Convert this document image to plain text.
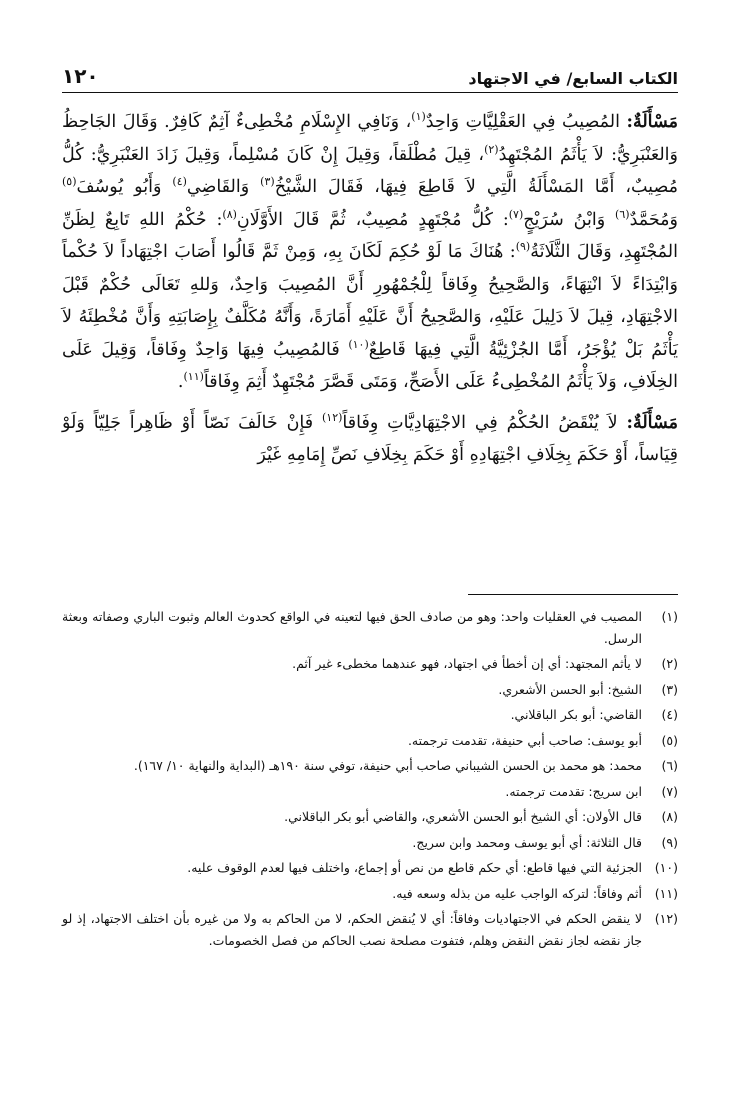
الكتاب السابع/ في الاجتهاد
١٢٠

مَسْأَلَةٌ: المُصِيبُ فِي العَقْلِيَّاتِ وَاحِدٌ$^{(١)}$، وَنَافِي الإِسْلَامِ مُخْطِىءٌ آثِمٌ كَافِرٌ. وَقَالَ الجَاحِظُ وَالعَنْبَرِيُّ: لاَ يَأْثَمُ المُجْتَهِدُ$^{(٢)}$، قِيلَ مُطْلَقاً، وَقِيلَ إِنْ كَانَ مُسْلِماً، وَقِيلَ زَادَ العَنْبَرِيُّ: كُلُّ مُصِيبٌ، أَمَّا المَسْأَلَةُ الَّتِي لاَ قَاطِعَ فِيهَا، فَقَالَ الشَّيْخُ$^{(٣)}$ وَالقَاضِي$^{(٤)}$ وَأَبُو يُوسُفَ$^{(٥)}$ وَمُحَمَّدٌ$^{(٦)}$ وَابْنُ سُرَيْجٍ$^{(٧)}$: كُلُّ مُجْتَهِدٍ مُصِيبٌ، ثُمَّ قَالَ الأَوَّلَانِ$^{(٨)}$: حُكْمُ اللهِ تَابِعٌ لِظَنِّ المُجْتَهِدِ، وَقَالَ الثَّلَاثَةُ$^{(٩)}$: هُنَاكَ مَا لَوْ حُكِمَ لَكَانَ بِهِ، وَمِنْ ثَمَّ قَالُوا أَصَابَ اجْتِهَاداً لاَ حُكْماً وَابْتِدَاءً لاَ انْتِهَاءً، وَالصَّحِيحُ وِفَاقاً لِلْجُمْهُورِ أَنَّ المُصِيبَ وَاحِدٌ، وَللهِ تَعَالَى حُكْمٌ قَبْلَ الاجْتِهَادِ، قِيلَ لاَ دَلِيلَ عَلَيْهِ، وَالصَّحِيحُ أَنَّ عَلَيْهِ أَمَارَةً، وَأَنَّهُ مُكَلَّفٌ بِإِصَابَتِهِ وَأَنَّ مُخْطِئَهُ لاَ يَأْثَمُ بَلْ يُؤْجَرُ، أَمَّا الجُزْئِيَّةُ الَّتِي فِيهَا قَاطِعٌ$^{(١٠)}$ فَالمُصِيبُ فِيهَا وَاحِدٌ وِفَاقاً، وَقِيلَ عَلَى الخِلَافِ، وَلاَ يَأْثَمُ المُخْطِىءُ عَلَى الأَصَحِّ، وَمَتَى قَصَّرَ مُجْتَهِدٌ أَثِمَ وِفَاقاً$^{(١١)}$.

مَسْأَلَةٌ: لاَ يُنْقَضُ الحُكْمُ فِي الاجْتِهَادِيَّاتِ وِفَاقاً$^{(١٢)}$ فَإِنْ خَالَفَ نَصّاً أَوْ ظَاهِراً جَلِيّاً وَلَوْ قِيَاساً، أَوْ حَكَمَ بِخِلَافِ اجْتِهَادِهِ أَوْ حَكَمَ بِخِلَافِ نَصِّ إِمَامِهِ غَيْرَ

(١)
المصيب في العقليات واحد: وهو من صادف الحق فيها لتعينه في الواقع كحدوث العالم وثبوت الباري وصفاته وبعثة الرسل.
(٢)
لا يأثم المجتهد: أي إن أخطأ في اجتهاد، فهو عندهما مخطىء غير آثم.
(٣)
الشيخ: أبو الحسن الأشعري.
(٤)
القاضي: أبو بكر الباقلاني.
(٥)
أبو يوسف: صاحب أبي حنيفة، تقدمت ترجمته.
(٦)
محمد: هو محمد بن الحسن الشيباني صاحب أبي حنيفة، توفي سنة ١٩٠هـ (البداية والنهاية ١٠/ ١٦٧).
(٧)
ابن سريج: تقدمت ترجمته.
(٨)
قال الأولان: أي الشيخ أبو الحسن الأشعري، والقاضي أبو بكر الباقلاني.
(٩)
قال الثلاثة: أي أبو يوسف ومحمد وابن سريج.
(١٠)
الجزئية التي فيها قاطع: أي حكم قاطع من نص أو إجماع، واختلف فيها لعدم الوقوف عليه.
(١١)
أثم وفاقاً: لتركه الواجب عليه من بذله وسعه فيه.
(١٢)
لا ينقض الحكم في الاجتهاديات وفاقاً: أي لا يُنقض الحكم، لا من الحاكم به ولا من غيره بأن اختلف الاجتهاد، إذ لو جاز نقضه لجاز نقض النقض وهلم، فتفوت مصلحة نصب الحاكم من فصل الخصومات.
